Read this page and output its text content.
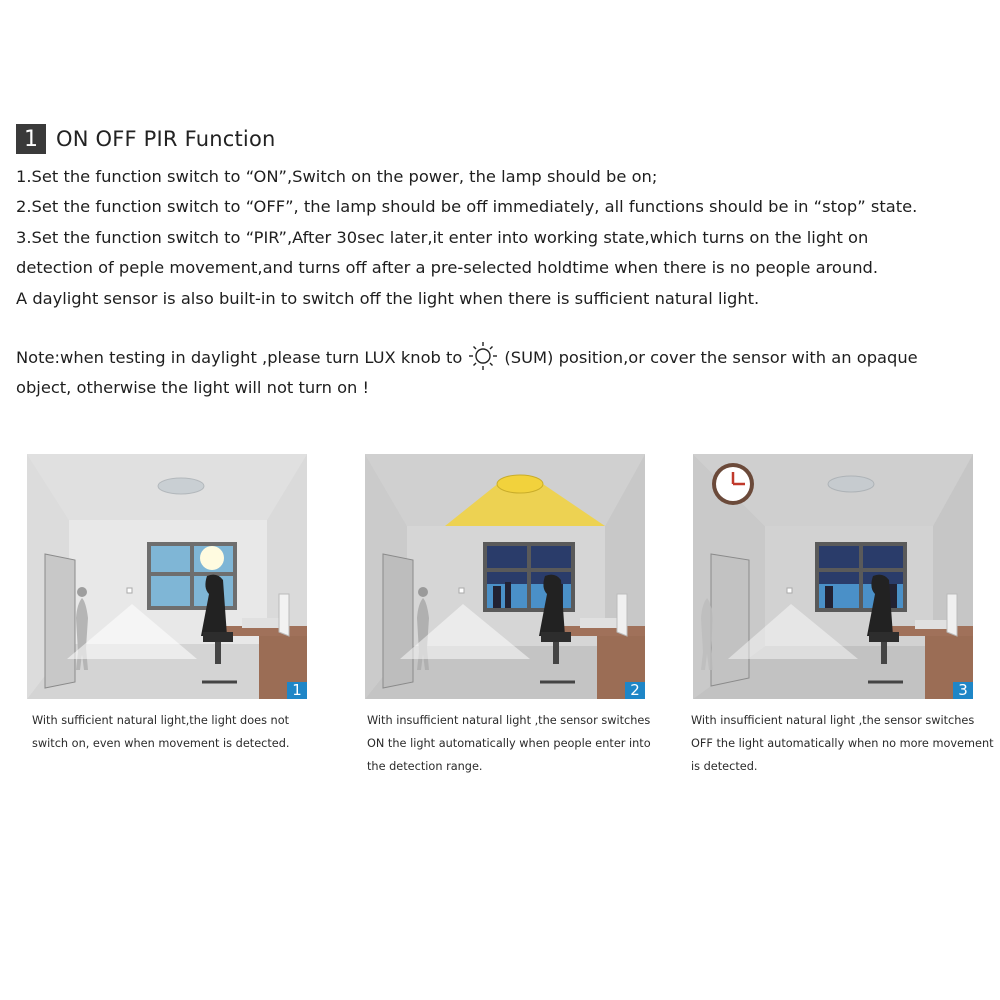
1 ON OFF PIR Function

1.Set the function switch to “ON”,Switch on the power, the lamp should be on;

2.Set the function switch to “OFF”, the lamp should be off immediately, all functions should be in “stop” state.

3.Set the function switch to “PIR”,After 30sec later,it enter into working state,which turns on the light on

detection of peple movement,and turns off after a pre-selected holdtime when there is no people around.

A daylight sensor is also built-in to switch off the light when there is sufficient natural light.

Note:when testing in daylight ,please turn LUX knob to	(SUM) position,or cover the sensor with an opaque

object, otherwise the light will not turn on !

1	2	3

With sufficient natural light,the light does not

switch on, even when movement is detected.

With insufficient natural light ,the sensor switches

ON the light automatically when people enter into

the detection range.

With insufficient natural light ,the sensor switches

OFF the light automatically when no more movement

is detected.
